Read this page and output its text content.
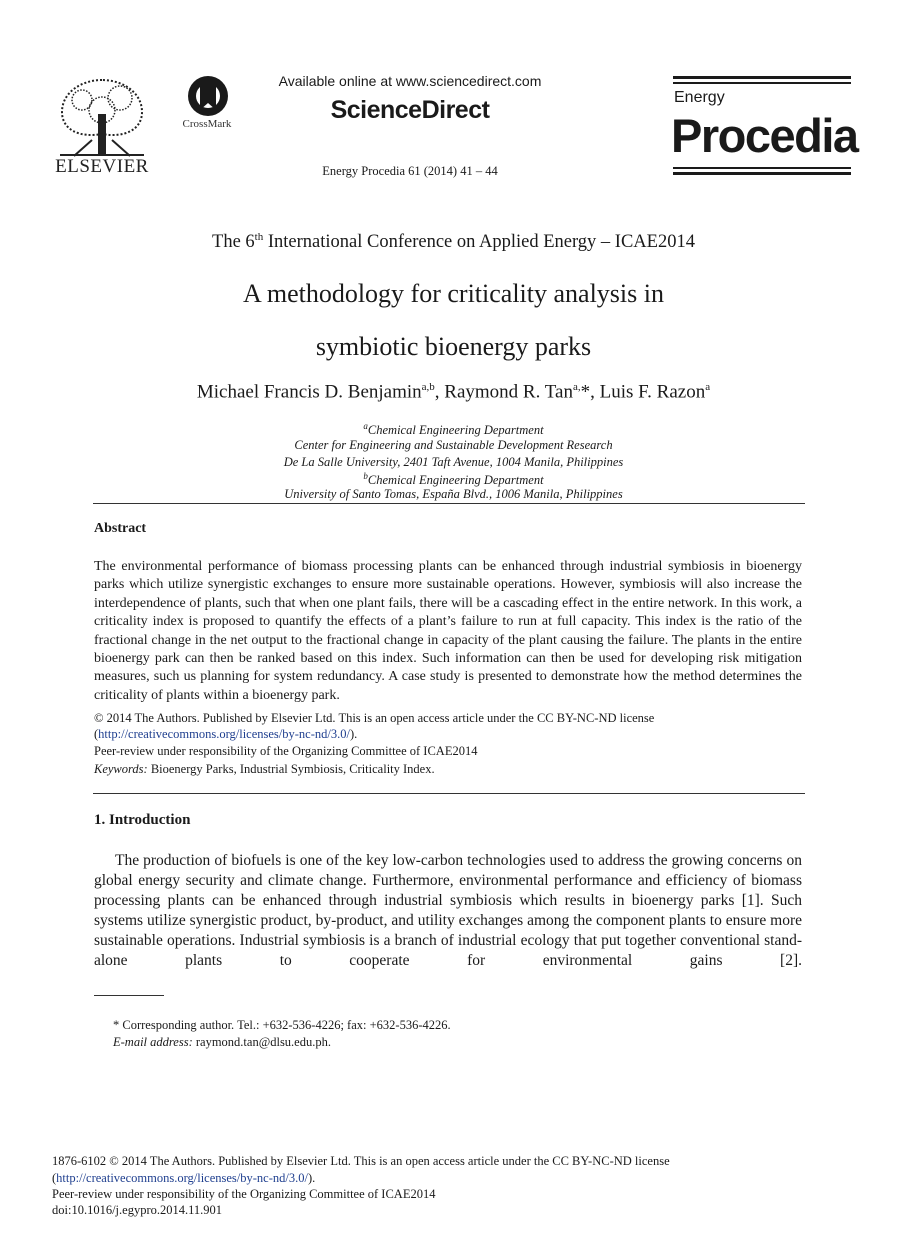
ELSEVIER
CrossMark
Available online at www.sciencedirect.com
ScienceDirect
Energy Procedia 61 (2014) 41 – 44
Energy
Procedia
The 6th International Conference on Applied Energy – ICAE2014
A methodology for criticality analysis in
symbiotic bioenergy parks
Michael Francis D. Benjamin$^{a,b}$, Raymond R. Tan$^{a,}$*, Luis F. Razon$^a$
$^a$Chemical Engineering Department
Center for Engineering and Sustainable Development Research
De La Salle University, 2401 Taft Avenue, 1004 Manila, Philippines
$^b$Chemical Engineering Department
University of Santo Tomas, España Blvd., 1006 Manila, Philippines
Abstract
The environmental performance of biomass processing plants can be enhanced through industrial symbiosis in bioenergy parks which utilize synergistic exchanges to ensure more sustainable operations. However, symbiosis will also increase the interdependence of plants, such that when one plant fails, there will be a cascading effect in the entire network. In this work, a criticality index is proposed to quantify the effects of a plant’s failure to run at full capacity. This index is the ratio of the fractional change in the net output to the fractional change in capacity of the plant causing the failure. The plants in the entire bioenergy park can then be ranked based on this index. Such information can then be used for developing risk mitigation measures, such us planning for system redundancy. A case study is presented to demonstrate how the method determines the criticality of plants within a bioenergy park.
© 2014 The Authors. Published by Elsevier Ltd. This is an open access article under the CC BY-NC-ND license
(http://creativecommons.org/licenses/by-nc-nd/3.0/).
Peer-review under responsibility of the Organizing Committee of ICAE2014
Keywords: Bioenergy Parks, Industrial Symbiosis, Criticality Index.
1. Introduction
The production of biofuels is one of the key low-carbon technologies used to address the growing concerns on global energy security and climate change. Furthermore, environmental performance and efficiency of biomass processing plants can be enhanced through industrial symbiosis which results in bioenergy parks [1]. Such systems utilize synergistic product, by-product, and utility exchanges among the component plants to ensure more sustainable operations. Industrial symbiosis is a branch of industrial ecology that put together conventional stand-alone plants to cooperate for environmental gains [2].
* Corresponding author. Tel.: +632-536-4226; fax: +632-536-4226.
E-mail address: raymond.tan@dlsu.edu.ph.
1876-6102 © 2014 The Authors. Published by Elsevier Ltd. This is an open access article under the CC BY-NC-ND license
(http://creativecommons.org/licenses/by-nc-nd/3.0/).
Peer-review under responsibility of the Organizing Committee of ICAE2014
doi:10.1016/j.egypro.2014.11.901
